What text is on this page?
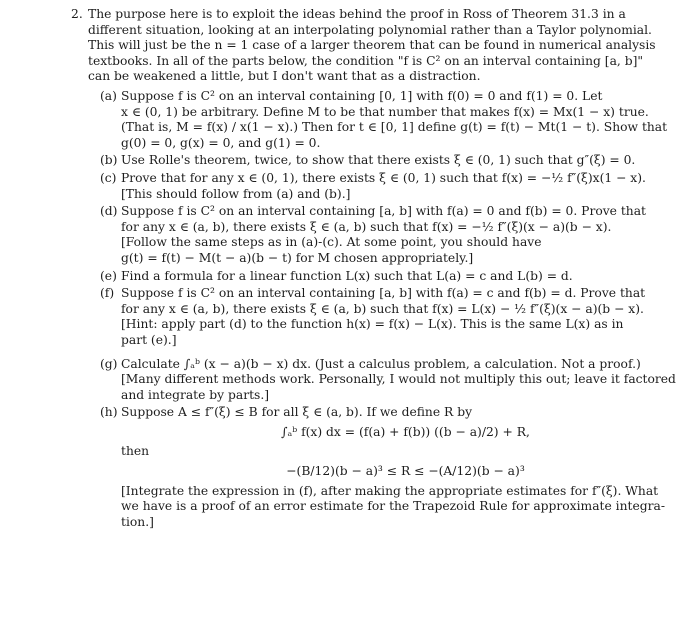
2. The purpose here is to exploit the ideas behind the proof in Ross of Theorem 31.3 in a
different situation, looking at an interpolating polynomial rather than a Taylor polynomial.
This will just be the n = 1 case of a larger theorem that can be found in numerical analysis
textbooks. In all of the parts below, the condition "f is C² on an interval containing [a, b]"
can be weakened a little, but I don't want that as a distraction.
(a) Suppose f is C² on an interval containing [0, 1] with f(0) = 0 and f(1) = 0. Let
x ∈ (0, 1) be arbitrary. Define M to be that number that makes f(x) = Mx(1 − x) true.
(That is, M = f(x) / x(1 − x).) Then for t ∈ [0, 1] define g(t) = f(t) − Mt(1 − t). Show that
g(0) = 0, g(x) = 0, and g(1) = 0.
(b) Use Rolle's theorem, twice, to show that there exists ξ ∈ (0, 1) such that g″(ξ) = 0.
(c) Prove that for any x ∈ (0, 1), there exists ξ ∈ (0, 1) such that f(x) = −½ f″(ξ)x(1 − x).
[This should follow from (a) and (b).]
(d) Suppose f is C² on an interval containing [a, b] with f(a) = 0 and f(b) = 0. Prove that
for any x ∈ (a, b), there exists ξ ∈ (a, b) such that f(x) = −½ f″(ξ)(x − a)(b − x).
[Follow the same steps as in (a)-(c). At some point, you should have
g(t) = f(t) − M(t − a)(b − t) for M chosen appropriately.]
(e) Find a formula for a linear function L(x) such that L(a) = c and L(b) = d.
(f) Suppose f is C² on an interval containing [a, b] with f(a) = c and f(b) = d. Prove that
for any x ∈ (a, b), there exists ξ ∈ (a, b) such that f(x) = L(x) − ½ f″(ξ)(x − a)(b − x).
[Hint: apply part (d) to the function h(x) = f(x) − L(x). This is the same L(x) as in
part (e).]
(g) Calculate ∫ₐᵇ (x − a)(b − x) dx. (Just a calculus problem, a calculation. Not a proof.)
[Many different methods work. Personally, I would not multiply this out; leave it factored
and integrate by parts.]
(h) Suppose A ≤ f″(ξ) ≤ B for all ξ ∈ (a, b). If we define R by
∫ₐᵇ f(x) dx = (f(a) + f(b)) ((b − a)/2) + R,
then
−(B/12)(b − a)³ ≤ R ≤ −(A/12)(b − a)³
[Integrate the expression in (f), after making the appropriate estimates for f″(ξ). What
we have is a proof of an error estimate for the Trapezoid Rule for approximate integra-
tion.]
